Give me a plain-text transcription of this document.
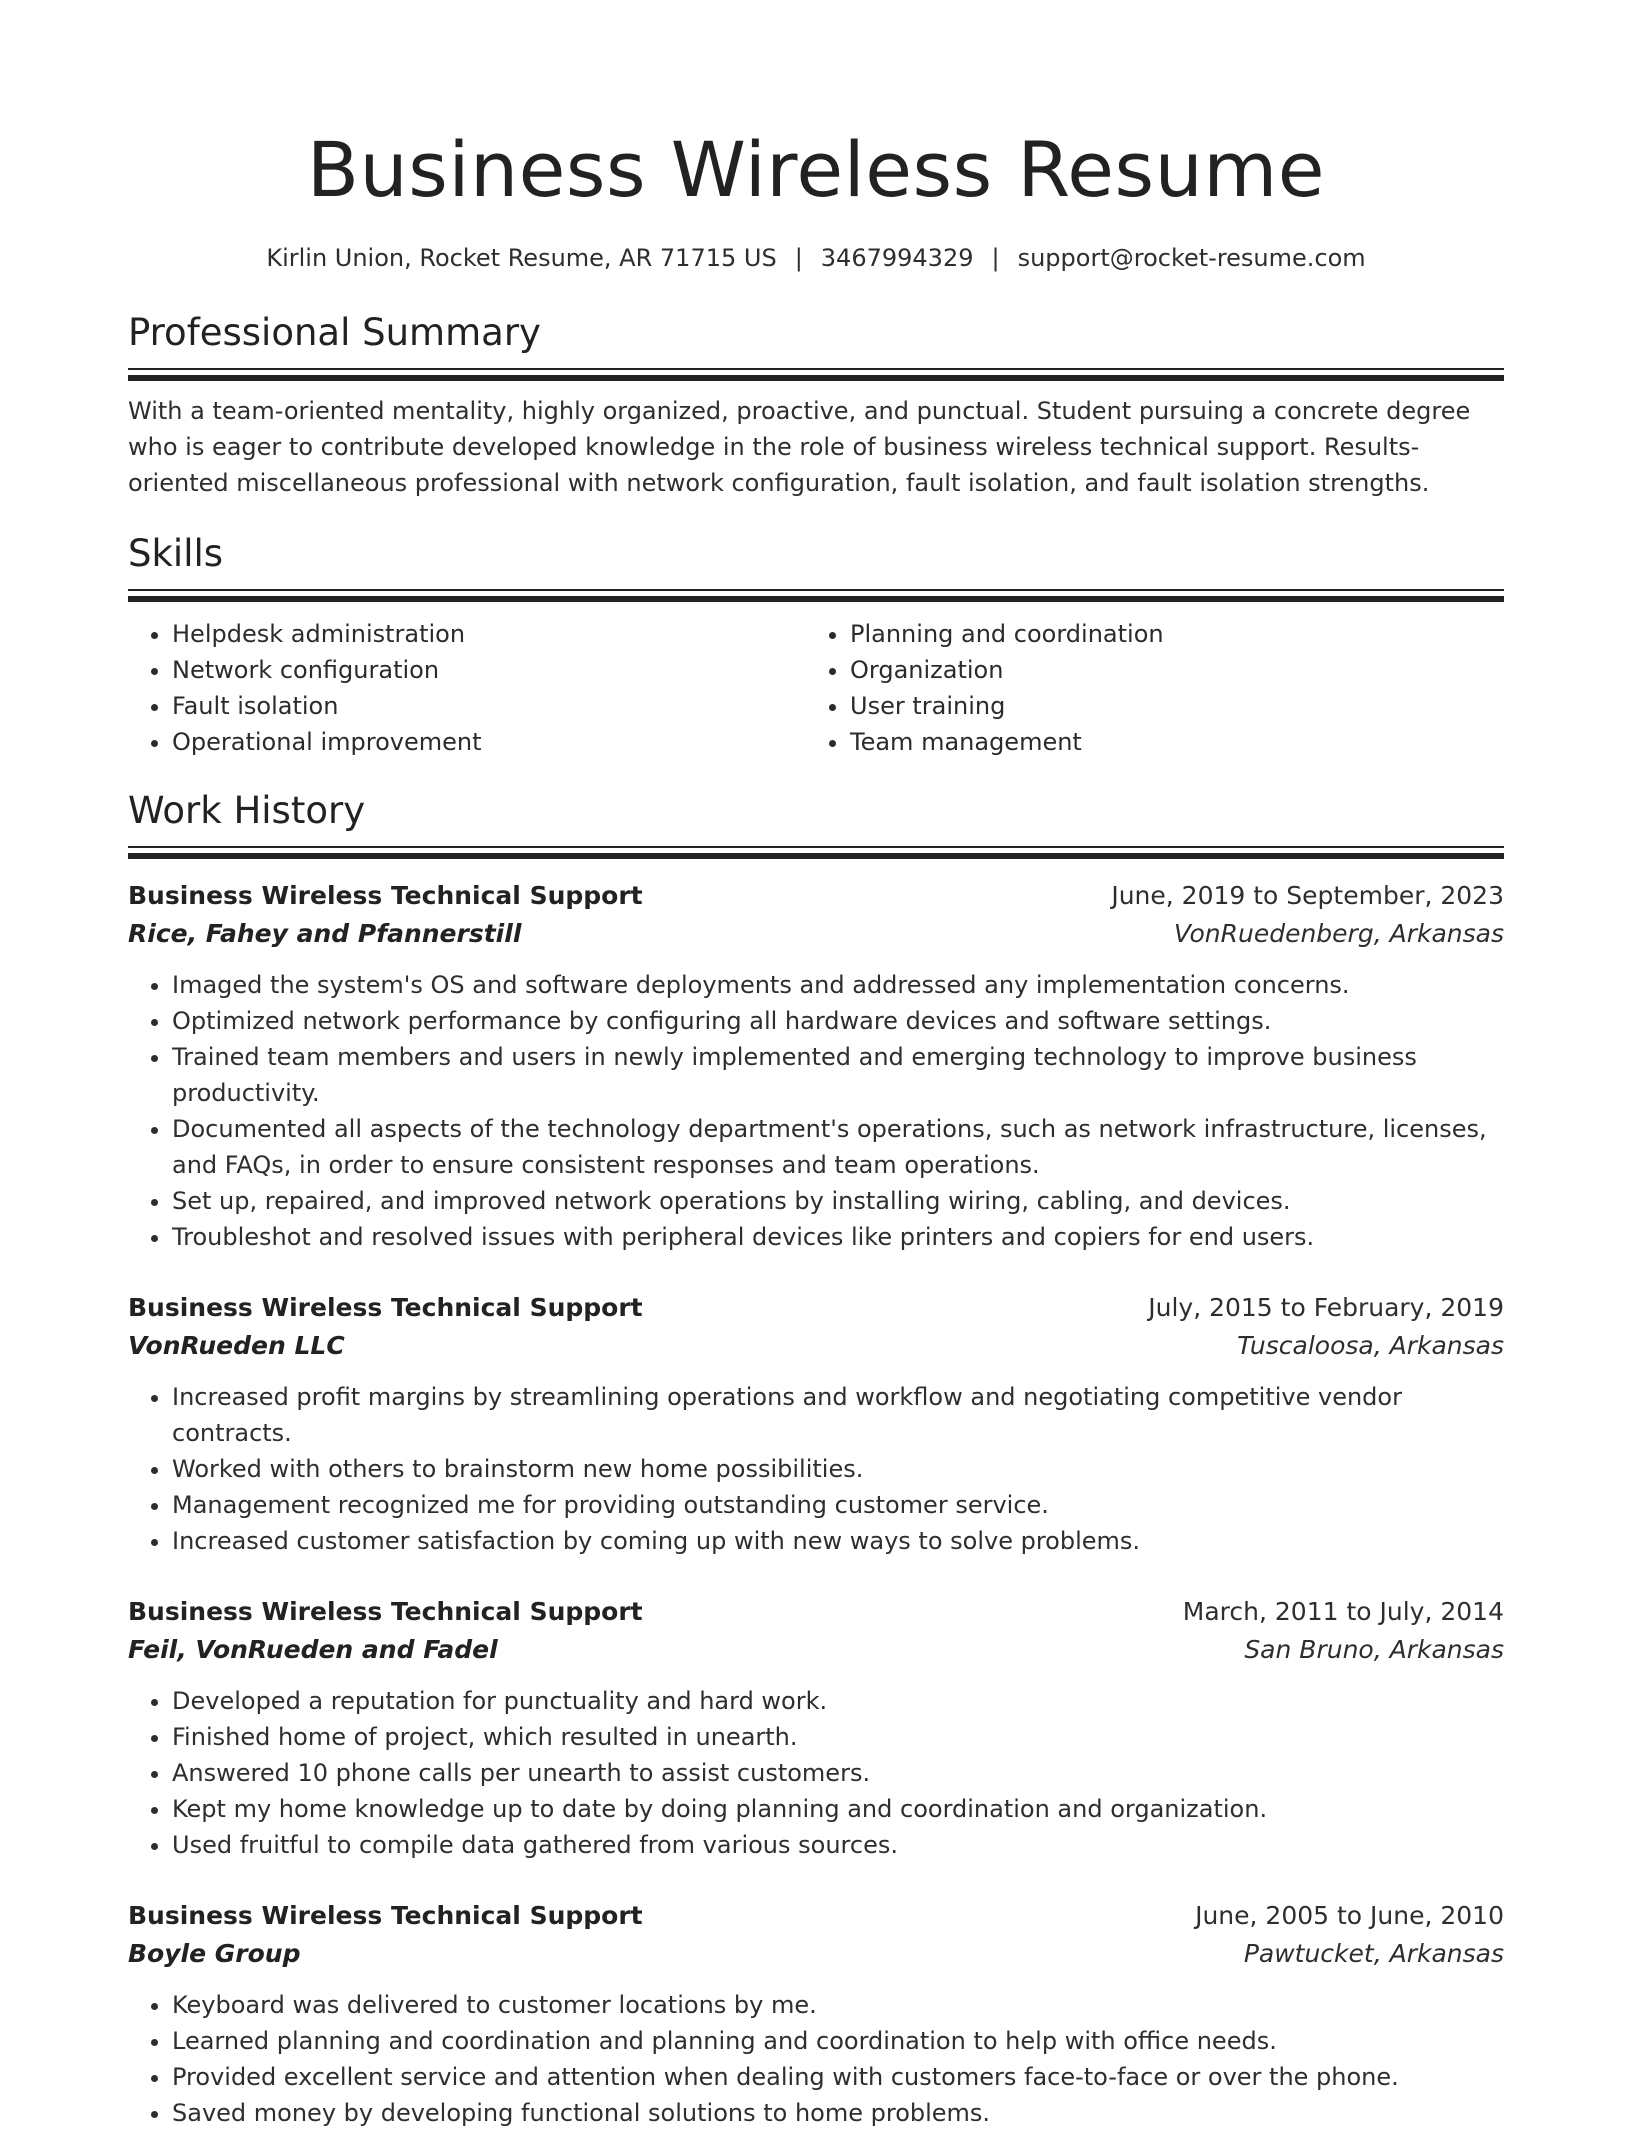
Business Wireless Resume
Kirlin Union, Rocket Resume, AR 71715 US | 3467994329 | support@rocket-resume.com
Professional Summary

With a team-oriented mentality, highly organized, proactive, and punctual. Student pursuing a concrete degree who is eager to contribute developed knowledge in the role of business wireless technical support. Results-oriented miscellaneous professional with network configuration, fault isolation, and fault isolation strengths.

Skills
• Helpdesk administration
• Network configuration
• Fault isolation
• Operational improvement
• Planning and coordination
• Organization
• User training
• Team management
Work History
Business Wireless Technical Support	June, 2019 to September, 2023
Rice, Fahey and Pfannerstill	VonRuedenberg, Arkansas
• Imaged the system's OS and software deployments and addressed any implementation concerns.
• Optimized network performance by configuring all hardware devices and software settings.
• Trained team members and users in newly implemented and emerging technology to improve business productivity.
• Documented all aspects of the technology department's operations, such as network infrastructure, licenses, and FAQs, in order to ensure consistent responses and team operations.
• Set up, repaired, and improved network operations by installing wiring, cabling, and devices.
• Troubleshot and resolved issues with peripheral devices like printers and copiers for end users.
Business Wireless Technical Support	July, 2015 to February, 2019
VonRueden LLC	Tuscaloosa, Arkansas
• Increased profit margins by streamlining operations and workflow and negotiating competitive vendor contracts.
• Worked with others to brainstorm new home possibilities.
• Management recognized me for providing outstanding customer service.
• Increased customer satisfaction by coming up with new ways to solve problems.
Business Wireless Technical Support	March, 2011 to July, 2014
Feil, VonRueden and Fadel	San Bruno, Arkansas
• Developed a reputation for punctuality and hard work.
• Finished home of project, which resulted in unearth.
• Answered 10 phone calls per unearth to assist customers.
• Kept my home knowledge up to date by doing planning and coordination and organization.
• Used fruitful to compile data gathered from various sources.
Business Wireless Technical Support	June, 2005 to June, 2010
Boyle Group	Pawtucket, Arkansas
• Keyboard was delivered to customer locations by me.
• Learned planning and coordination and planning and coordination to help with office needs.
• Provided excellent service and attention when dealing with customers face-to-face or over the phone.
• Saved money by developing functional solutions to home problems.
